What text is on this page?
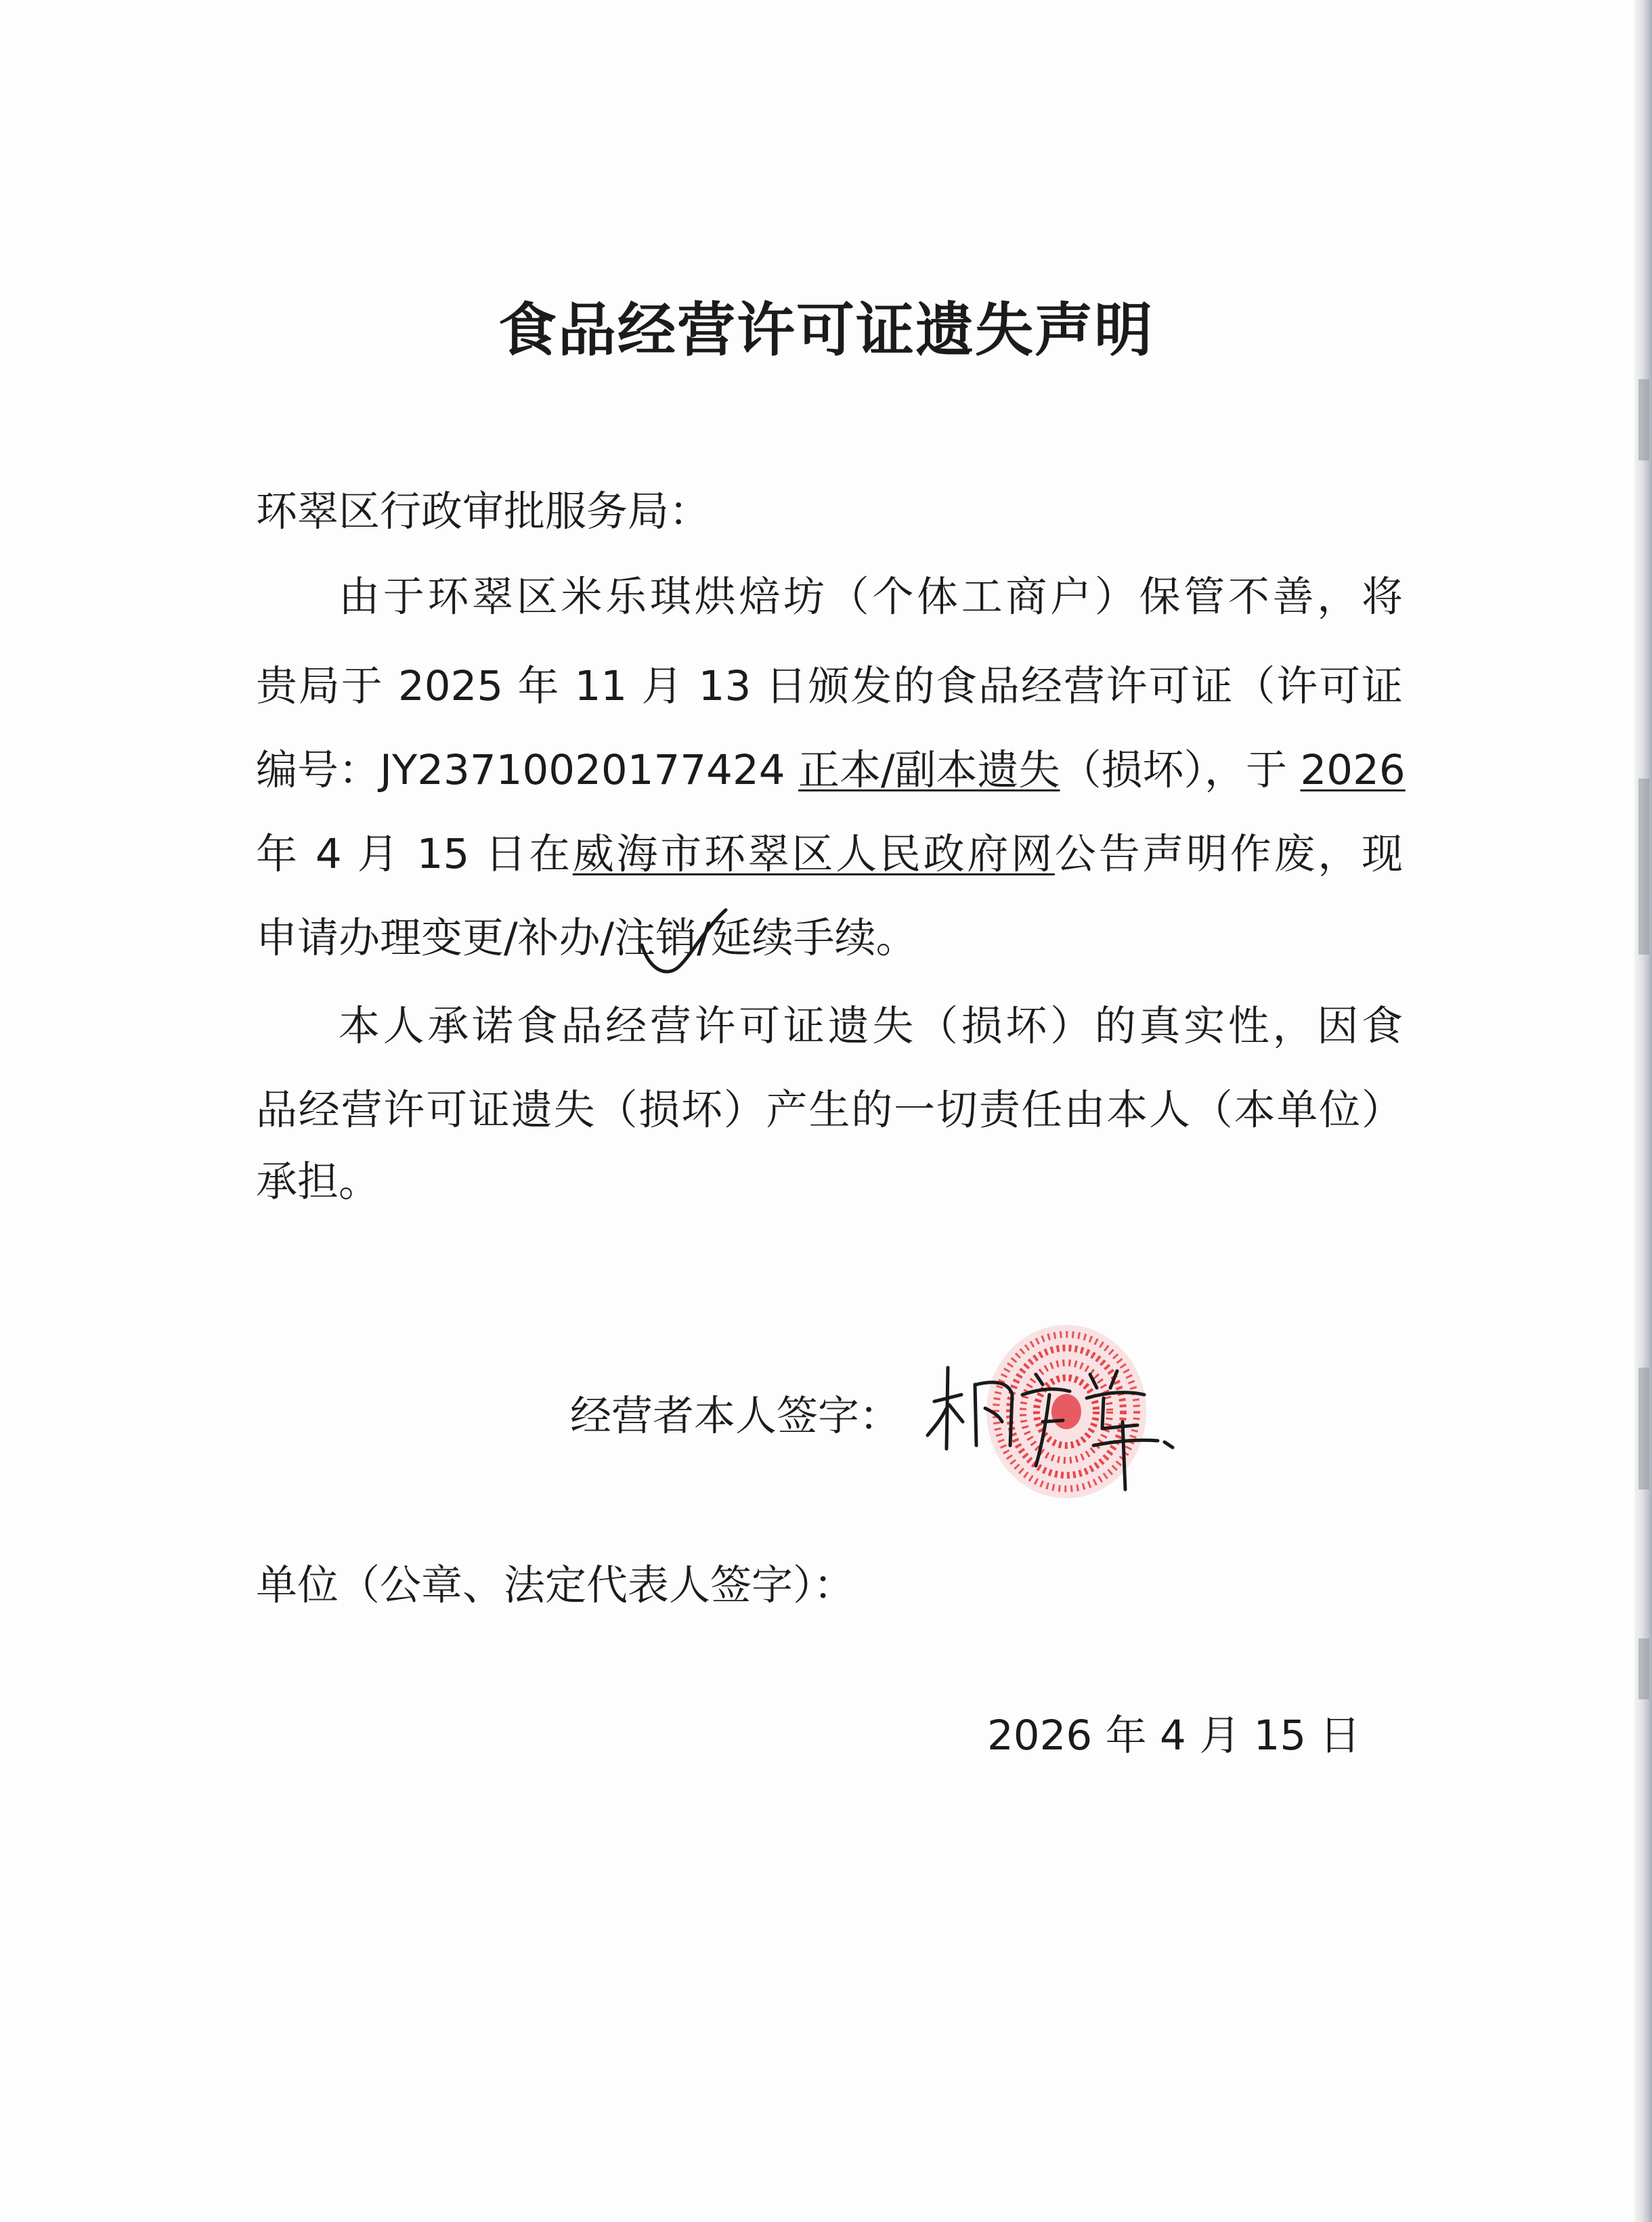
食品经营许可证遗失声明
环翠区行政审批服务局：
由于环翠区米乐琪烘焙坊（个体工商户）保管不善，将
贵局于 2025 年 11 月 13 日颁发的食品经营许可证（许可证
编号：JY23710020177424 正本/副本遗失（损坏），于 2026
年 4 月 15 日在威海市环翠区人民政府网公告声明作废，现
申请办理变更/补办/注销/延续手续。
本人承诺食品经营许可证遗失（损坏）的真实性，因食
品经营许可证遗失（损坏）产生的一切责任由本人（本单位）
承担。
经营者本人签字：
单位（公章、法定代表人签字）：
2026 年 4 月 15 日
